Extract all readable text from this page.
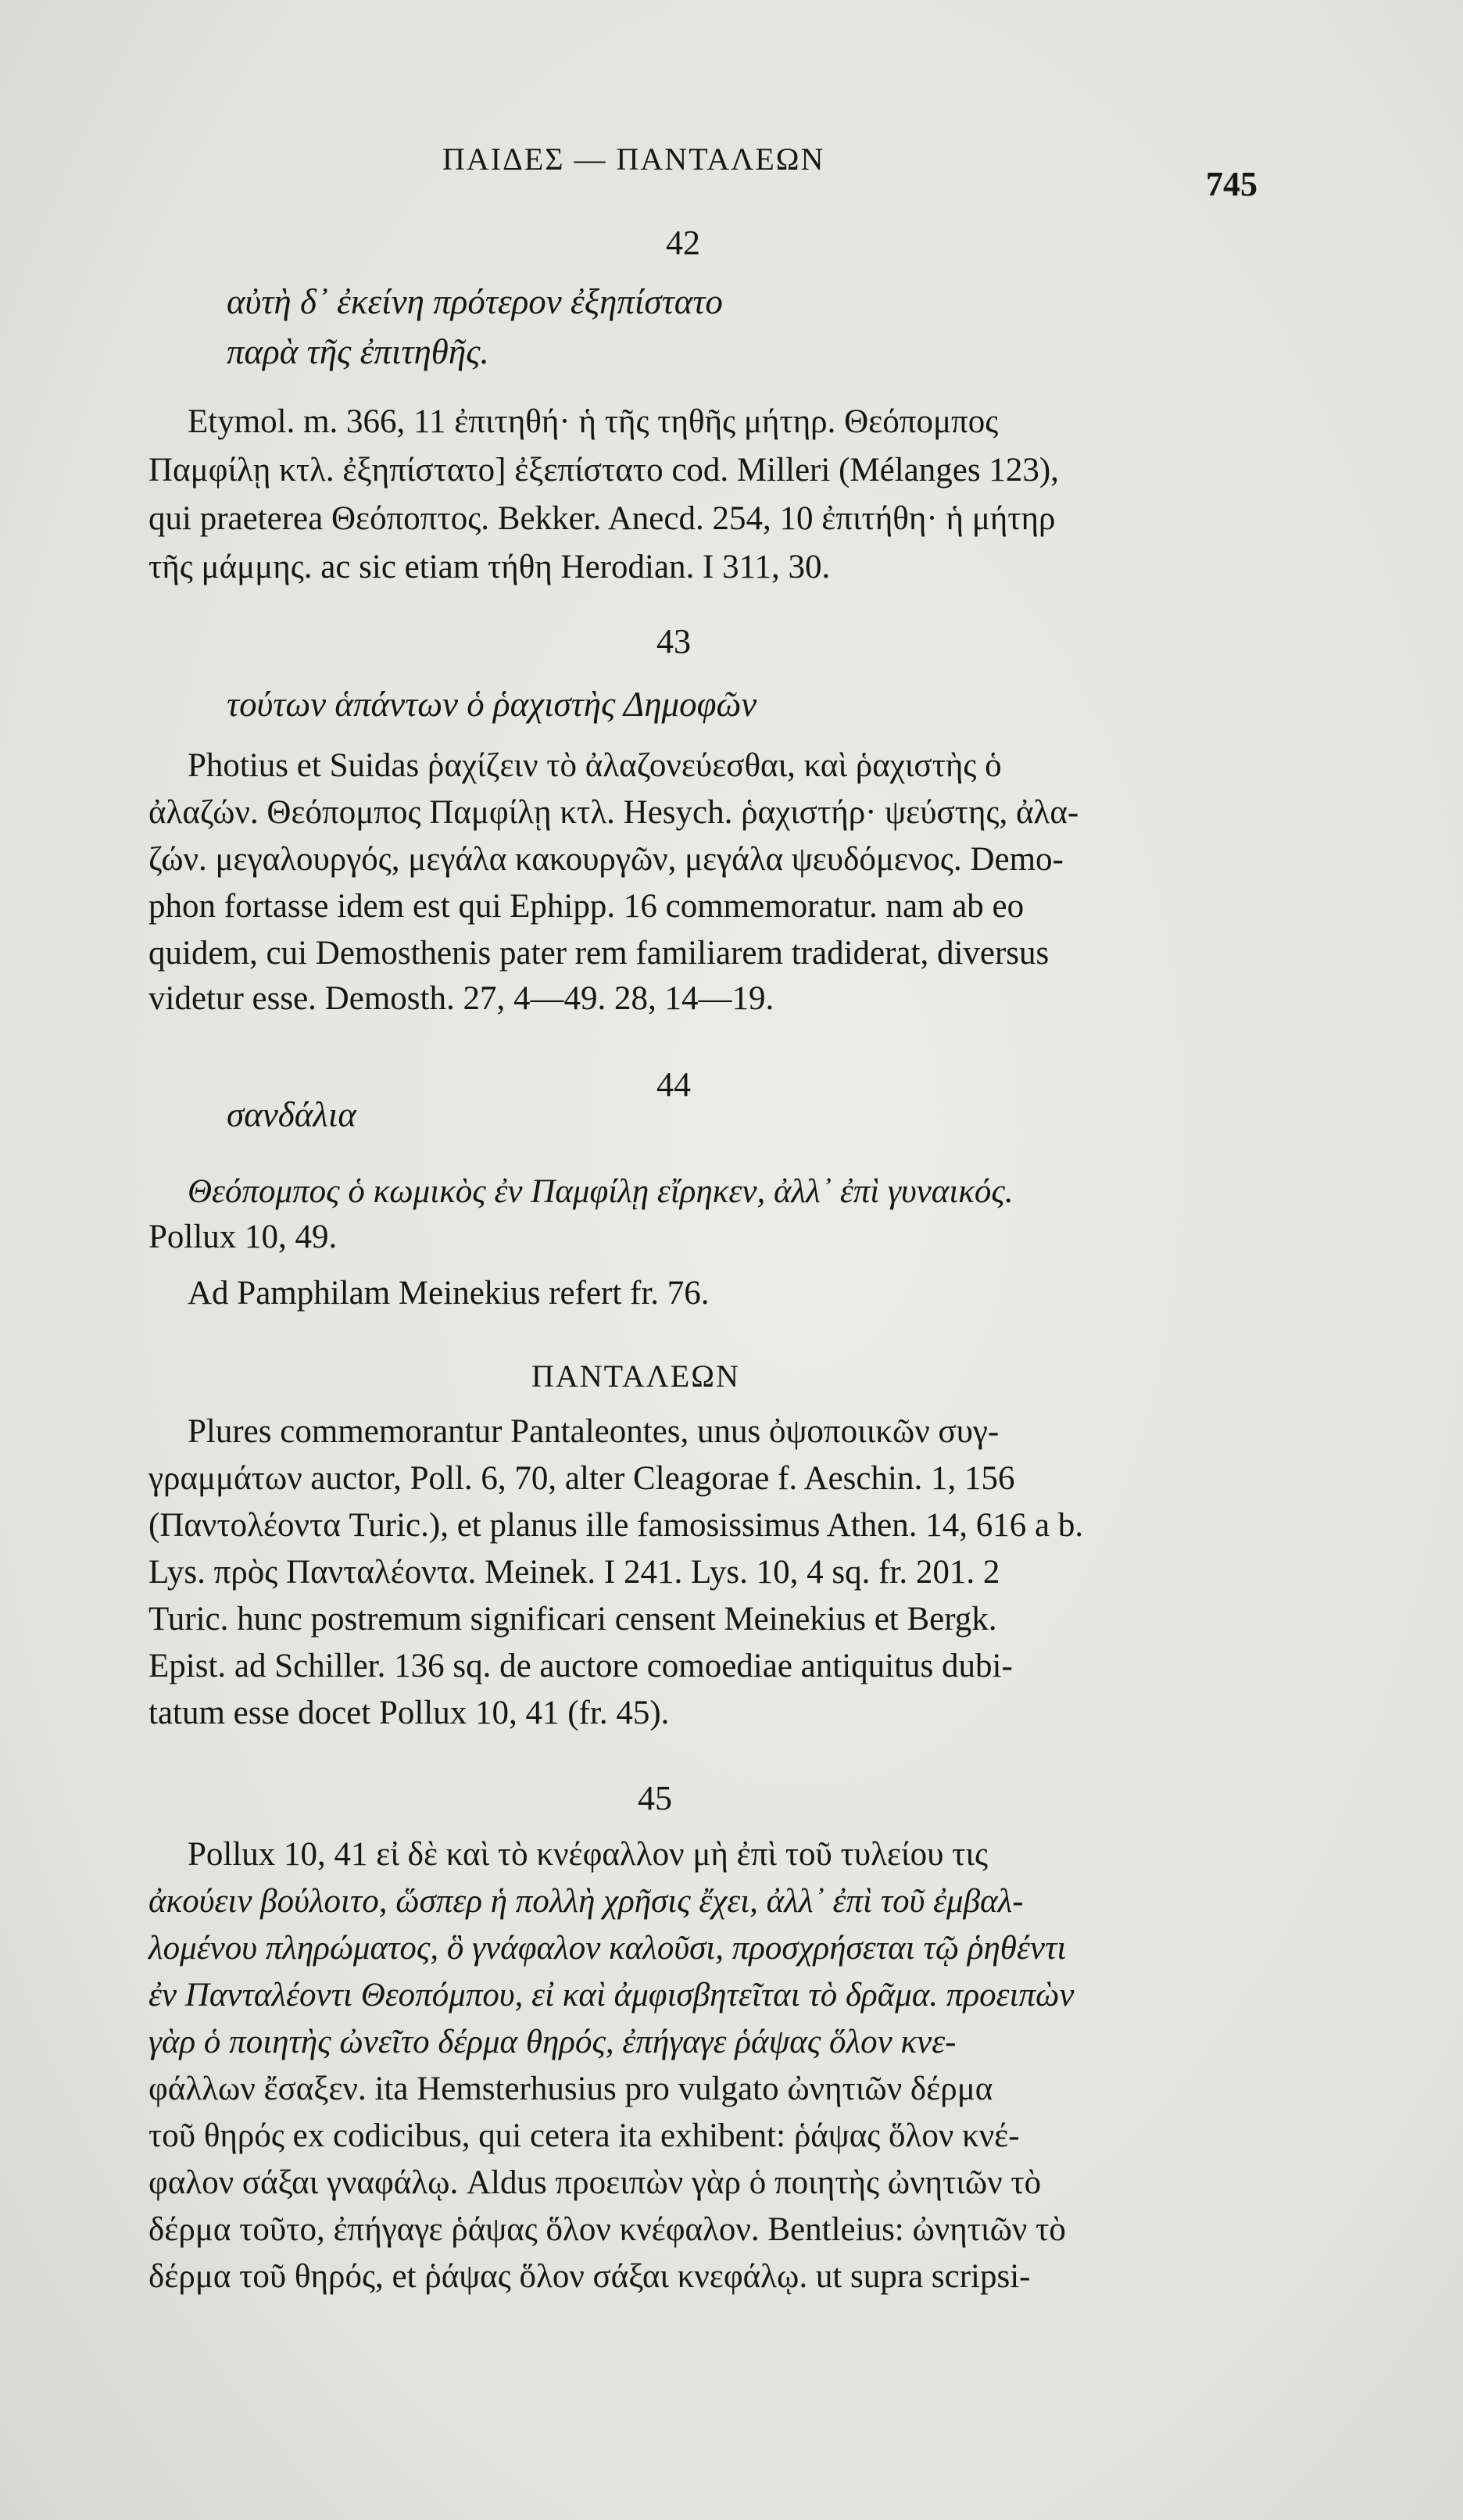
ΠΑΙΔΕΣ — ΠΑΝΤΑΛΕΩΝ
745
42
αὐτὴ δ᾽ ἐκείνη πρότερον ἐξηπίστατο
παρὰ τῆς ἐπιτηθῆς.
Etymol. m. 366, 11 ἐπιτηθή· ἡ τῆς τηθῆς μήτηρ. Θεόπομπος
Παμφίλῃ κτλ. ἐξηπίστατο] ἐξεπίστατο cod. Milleri (Mélanges 123),
qui praeterea Θεόποπτος. Bekker. Anecd. 254, 10 ἐπιτήθη· ἡ μήτηρ
τῆς μάμμης. ac sic etiam τήθη Herodian. I 311, 30.
43
τούτων ἁπάντων ὁ ῥαχιστὴς Δημοφῶν
Photius et Suidas ῥαχίζειν τὸ ἀλαζονεύεσθαι, καὶ ῥαχιστὴς ὁ
ἀλαζών. Θεόπομπος Παμφίλῃ κτλ. Hesych. ῥαχιστήρ· ψεύστης, ἀλα-
ζών. μεγαλουργός, μεγάλα κακουργῶν, μεγάλα ψευδόμενος. Demo-
phon fortasse idem est qui Ephipp. 16 commemoratur. nam ab eo
quidem, cui Demosthenis pater rem familiarem tradiderat, diversus
videtur esse. Demosth. 27, 4—49. 28, 14—19.
44
σανδάλια
Θεόπομπος ὁ κωμικὸς ἐν Παμφίλῃ εἴρηκεν, ἀλλ᾽ ἐπὶ γυναικός.
Pollux 10, 49.
Ad Pamphilam Meinekius refert fr. 76.
ΠΑΝΤΑΛΕΩΝ
Plures commemorantur Pantaleontes, unus ὀψοποιικῶν συγ-
γραμμάτων auctor, Poll. 6, 70, alter Cleagorae f. Aeschin. 1, 156
(Παντολέοντα Turic.), et planus ille famosissimus Athen. 14, 616 a b.
Lys. πρὸς Πανταλέοντα. Meinek. I 241. Lys. 10, 4 sq. fr. 201. 2
Turic. hunc postremum significari censent Meinekius et Bergk.
Epist. ad Schiller. 136 sq. de auctore comoediae antiquitus dubi-
tatum esse docet Pollux 10, 41 (fr. 45).
45
Pollux 10, 41 εἰ δὲ καὶ τὸ κνέφαλλον μὴ ἐπὶ τοῦ τυλείου τις
ἀκούειν βούλοιτο, ὥσπερ ἡ πολλὴ χρῆσις ἔχει, ἀλλ᾽ ἐπὶ τοῦ ἐμβαλ-
λομένου πληρώματος, ὃ γνάφαλον καλοῦσι, προσχρήσεται τῷ ῥηθέντι
ἐν Πανταλέοντι Θεοπόμπου, εἰ καὶ ἀμφισβητεῖται τὸ δρᾶμα. προειπὼν
γὰρ ὁ ποιητὴς ὠνεῖτο δέρμα θηρός, ἐπήγαγε ῥάψας ὅλον κνε-
φάλλων ἔσαξεν. ita Hemsterhusius pro vulgato ὠνητιῶν δέρμα
τοῦ θηρός ex codicibus, qui cetera ita exhibent: ῥάψας ὅλον κνέ-
φαλον σάξαι γναφάλῳ. Aldus προειπὼν γὰρ ὁ ποιητὴς ὠνητιῶν τὸ
δέρμα τοῦτο, ἐπήγαγε ῥάψας ὅλον κνέφαλον. Bentleius: ὠνητιῶν τὸ
δέρμα τοῦ θηρός, et ῥάψας ὅλον σάξαι κνεφάλῳ. ut supra scripsi-
